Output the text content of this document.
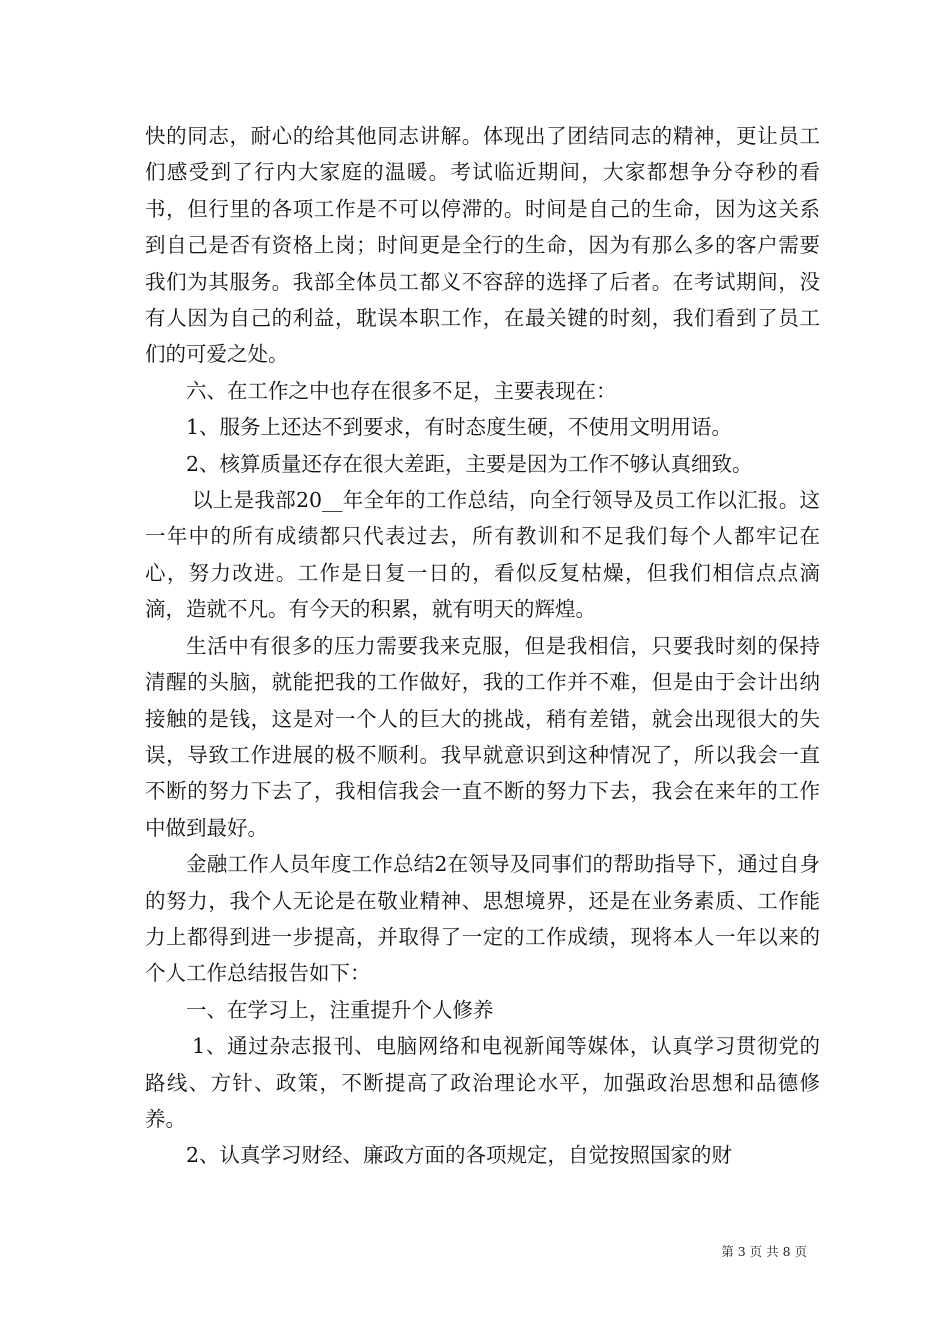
快的同志，耐心的给其他同志讲解。体现出了团结同志的精神，更让员工们感受到了行内大家庭的温暖。考试临近期间，大家都想争分夺秒的看书，但行里的各项工作是不可以停滞的。时间是自己的生命，因为这关系到自己是否有资格上岗；时间更是全行的生命，因为有那么多的客户需要我们为其服务。我部全体员工都义不容辞的选择了后者。在考试期间，没有人因为自己的利益，耽误本职工作，在最关键的时刻，我们看到了员工们的可爱之处。

六、在工作之中也存在很多不足，主要表现在：

1、服务上还达不到要求，有时态度生硬，不使用文明用语。

2、核算质量还存在很大差距，主要是因为工作不够认真细致。

以上是我部20__年全年的工作总结，向全行领导及员工作以汇报。这一年中的所有成绩都只代表过去，所有教训和不足我们每个人都牢记在心，努力改进。工作是日复一日的，看似反复枯燥，但我们相信点点滴滴，造就不凡。有今天的积累，就有明天的辉煌。

生活中有很多的压力需要我来克服，但是我相信，只要我时刻的保持清醒的头脑，就能把我的工作做好，我的工作并不难，但是由于会计出纳接触的是钱，这是对一个人的巨大的挑战，稍有差错，就会出现很大的失误，导致工作进展的极不顺利。我早就意识到这种情况了，所以我会一直不断的努力下去了，我相信我会一直不断的努力下去，我会在来年的工作中做到最好。

金融工作人员年度工作总结2在领导及同事们的帮助指导下，通过自身的努力，我个人无论是在敬业精神、思想境界，还是在业务素质、工作能力上都得到进一步提高，并取得了一定的工作成绩，现将本人一年以来的个人工作总结报告如下：

一、在学习上，注重提升个人修养

1、通过杂志报刊、电脑网络和电视新闻等媒体，认真学习贯彻党的路线、方针、政策，不断提高了政治理论水平，加强政治思想和品德修养。

2、认真学习财经、廉政方面的各项规定，自觉按照国家的财

第 3 页 共 8 页
